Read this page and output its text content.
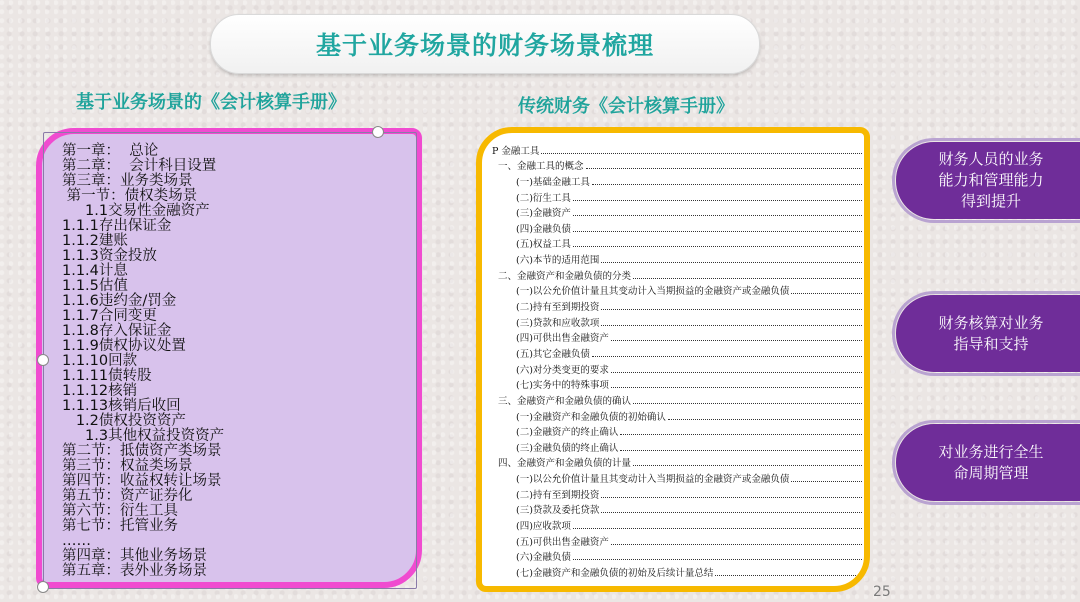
基于业务场景的财务场景梳理
基于业务场景的《会计核算手册》	传统财务《会计核算手册》
第一章：  总论
第二章：  会计科目设置
第三章：业务类场景
第一节：债权类场景
1.1交易性金融资产
1.1.1存出保证金
1.1.2建账
1.1.3资金投放
1.1.4计息
1.1.5估值
1.1.6违约金/罚金
1.1.7合同变更
1.1.8存入保证金
1.1.9债权协议处置
1.1.10回款
1.1.11债转股
1.1.12核销
1.1.13核销后收回
1.2债权投资资产
1.3其他权益投资资产
第二节：抵债资产类场景
第三节：权益类场景
第四节：收益权转让场景
第五节：资产证券化
第六节：衍生工具
第七节：托管业务
……
第四章：其他业务场景
第五章：表外业务场景
P 金融工具
一、金融工具的概念
(一)基础金融工具
(二)衍生工具
(三)金融资产
(四)金融负债
(五)权益工具
(六)本节的适用范围
二、金融资产和金融负债的分类
(一)以公允价值计量且其变动计入当期损益的金融资产或金融负债
(二)持有至到期投资
(三)贷款和应收款项
(四)可供出售金融资产
(五)其它金融负债
(六)对分类变更的要求
(七)实务中的特殊事项
三、金融资产和金融负债的确认
(一)金融资产和金融负债的初始确认
(二)金融资产的终止确认
(三)金融负债的终止确认
四、金融资产和金融负债的计量
(一)以公允价值计量且其变动计入当期损益的金融资产或金融负债
(二)持有至到期投资
(三)贷款及委托贷款
(四)应收款项
(五)可供出售金融资产
(六)金融负债
(七)金融资产和金融负债的初始及后续计量总结
财务人员的业务能力和管理能力得到提升
财务核算对业务指导和支持
对业务进行全生命周期管理
25
